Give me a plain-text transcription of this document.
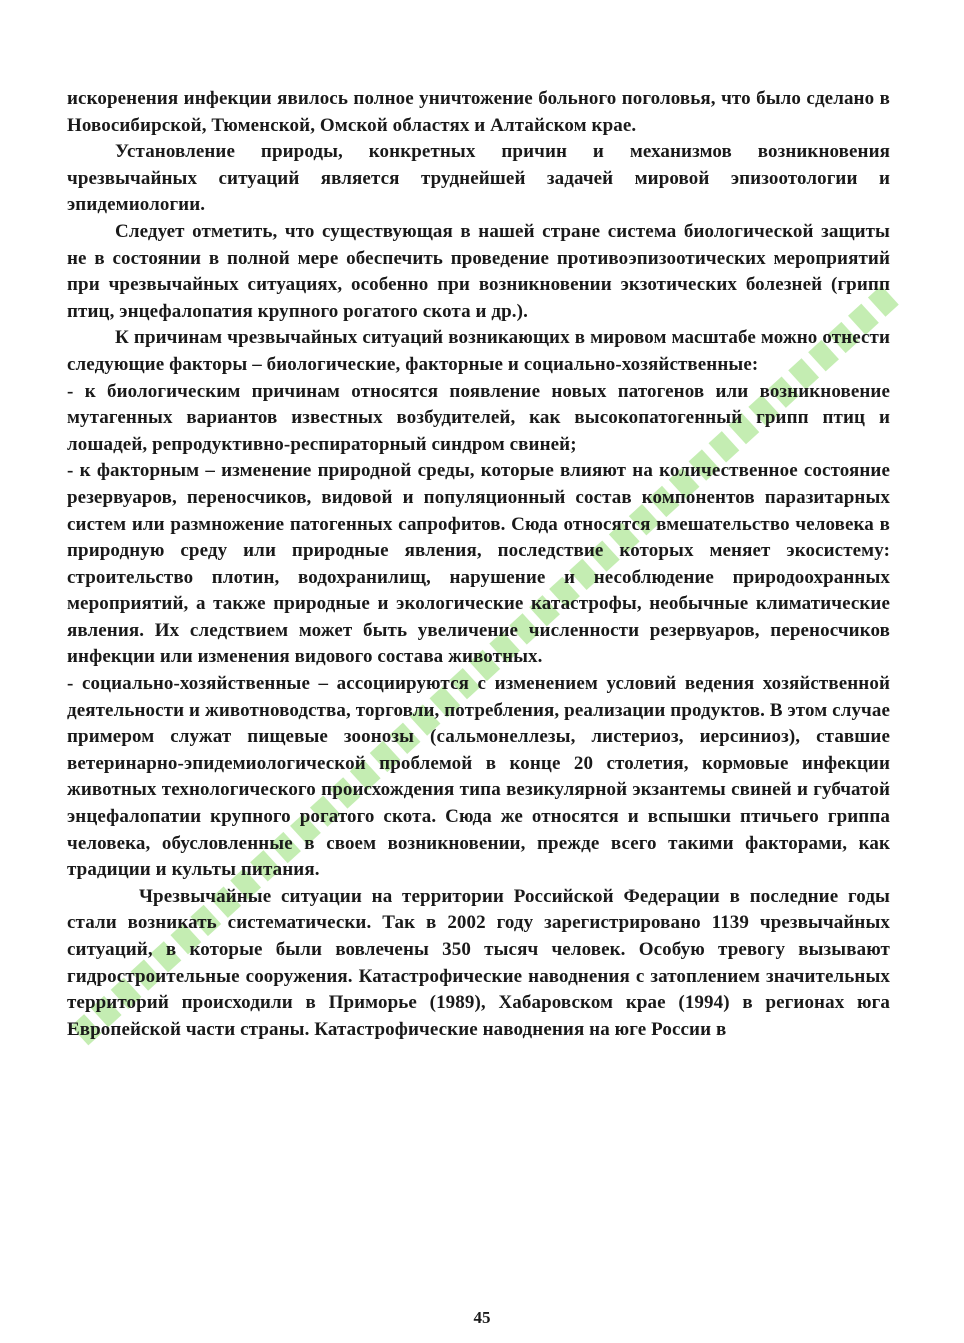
искоренения инфекции явилось полное уничтожение больного поголовья, что было сделано в Новосибирской, Тюменской, Омской областях и Алтайском крае.

Установление природы, конкретных причин и механизмов возникновения чрезвычайных ситуаций является труднейшей задачей мировой эпизоотологии и эпидемиологии.

Следует отметить, что существующая в нашей стране система биологической защиты не в состоянии в полной мере обеспечить проведение противоэпизоотических мероприятий при чрезвычайных ситуациях, особенно при возникновении экзотических болезней (грипп птиц, энцефалопатия крупного рогатого скота и др.).

К причинам чрезвычайных ситуаций возникающих в мировом масштабе можно отнести следующие факторы – биологические, факторные и социально-хозяйственные:

- к биологическим причинам относятся появление новых патогенов или возникновение мутагенных вариантов известных возбудителей, как высокопатогенный грипп птиц и лошадей, репродуктивно-респираторный синдром свиней;

- к факторным – изменение природной среды, которые влияют на количественное состояние резервуаров, переносчиков, видовой и популяционный состав компонентов паразитарных систем или размножение патогенных сапрофитов. Сюда относятся вмешательство человека в природную среду или природные явления, последствие которых меняет экосистему: строительство плотин, водохранилищ, нарушение и несоблюдение природоохранных мероприятий, а также природные и экологические катастрофы, необычные климатические явления. Их следствием может быть увеличение численности резервуаров, переносчиков инфекции или изменения видового состава животных.

- социально-хозяйственные – ассоциируются с изменением условий ведения хозяйственной деятельности и животноводства, торговли, потребления, реализации продуктов. В этом случае примером служат пищевые зоонозы (сальмонеллезы, листериоз, иерсиниоз), ставшие ветеринарно-эпидемиологической проблемой в конце 20 столетия, кормовые инфекции животных технологического происхождения типа везикулярной экзантемы свиней и губчатой энцефалопатии крупного рогатого скота. Сюда же относятся и вспышки птичьего гриппа человека, обусловленные в своем возникновении, прежде всего такими факторами, как традиции и культы питания.

Чрезвычайные ситуации на территории Российской Федерации в последние годы стали возникать систематически. Так в 2002 году зарегистрировано 1139 чрезвычайных ситуаций, в которые были вовлечены 350 тысяч человек. Особую тревогу вызывают гидростроительные сооружения. Катастрофические наводнения с затоплением значительных территорий происходили в Приморье (1989), Хабаровском крае (1994) в регионах юга Европейской части страны. Катастрофические наводнения на юге России в

45
